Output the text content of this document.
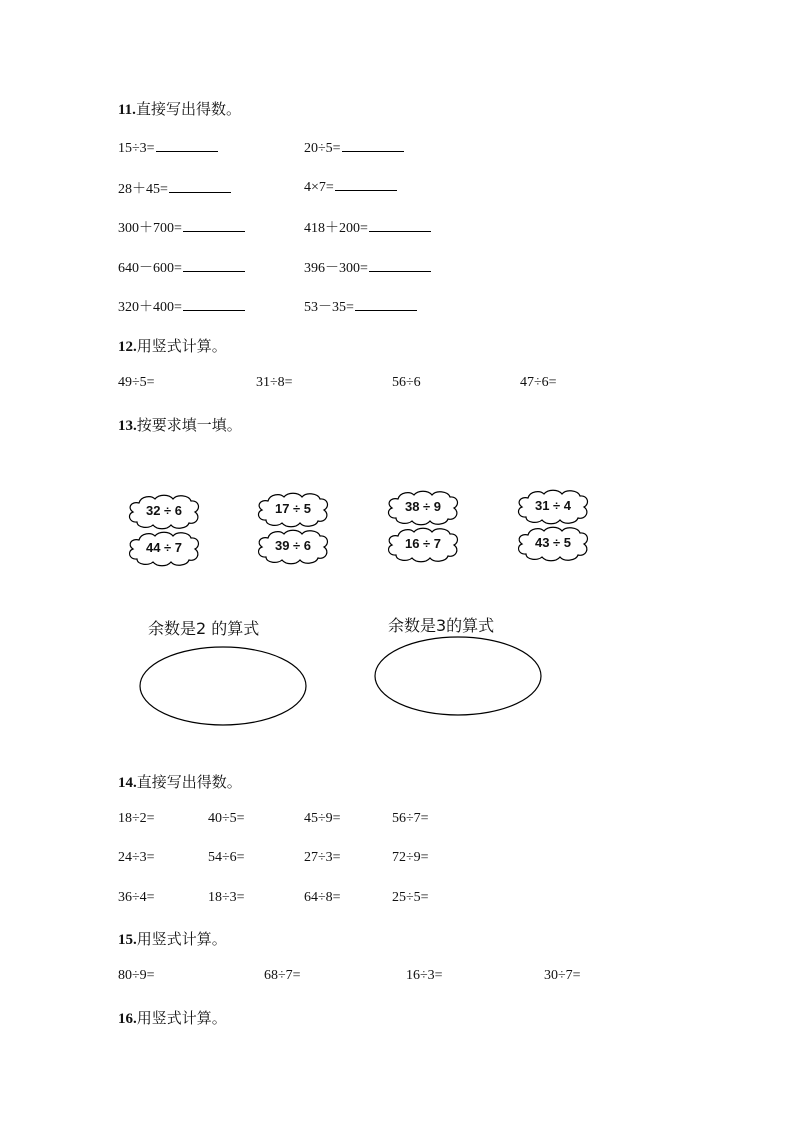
11.直接写出得数。
15÷3=	20÷5=
28＋45=	4×7=
300＋700=	418＋200=
640－600=	396－300=
320＋400=	53－35=
12.用竖式计算。
49÷5=	31÷8=	56÷6	47÷6=
13.按要求填一填。
32 ÷ 6
44 ÷ 7
17 ÷ 5
39 ÷ 6
38 ÷ 9
16 ÷ 7
31 ÷ 4
43 ÷ 5
余数是2 的算式	余数是3的算式
14.直接写出得数。
18÷2=	40÷5=	45÷9=	56÷7=
24÷3=	54÷6=	27÷3=	72÷9=
36÷4=	18÷3=	64÷8=	25÷5=
15.用竖式计算。
80÷9=	68÷7=	16÷3=	30÷7=
16.用竖式计算。
